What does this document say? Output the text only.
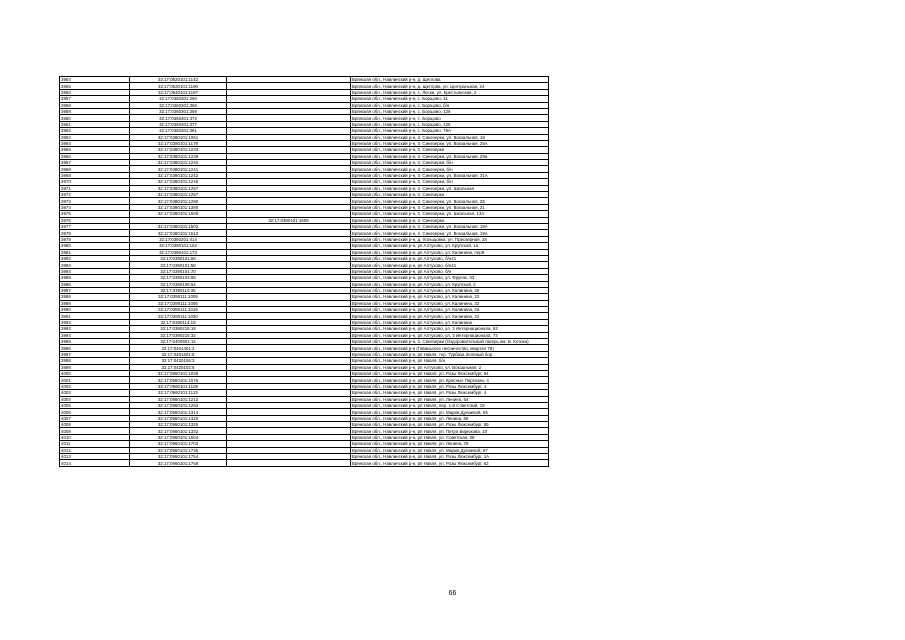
3954	32:17:0520101:1143		Брянская обл., Навлинский р-н, д. Щеглова
3955	32:17:0520101:1190		Брянская обл., Навлинский р-н, д. Щеглова, ул. Центральная, 24
3956	32:17:0540101:1167		Брянская обл., Навлинский р-н, с. Лески, ул. Крестьянская, 2
3957	32:17:0360301:260		Брянская обл., Навлинский р-н, с. Борщово, 11
3958	32:17:0360301:366		Брянская обл., Навлинский р-н, с. Борщово, б/н
3959	32:17:0360301:359		Брянская обл., Навлинский р-н, с. Борщово, 129
3960	32:17:0360301:372		Брянская обл., Навлинский р-н, с. Борщово
3961	32:17:0360301:377		Брянская обл., Навлинский р-н, с. Борщово, 125
3962	32:17:0360301:381		Брянская обл., Навлинский р-н, с. Борщово, 75А
3963	32:17:0380101:1061		Брянская обл., Навлинский р-н, п. Синезерки, ул. Вокзальная, 19
3964	32:17:0380101:1179		Брянская обл., Навлинский р-н, п. Синезерки, ул. Вокзальная, 25А
3965	32:17:0380101:1233		Брянская обл., Навлинский р-н, п. Синезерки
3966	32:17:0380101:1239		Брянская обл., Навлинский р-н, п. Синезерки, ул. Вокзальная, 29а
3967	32:17:0380101:1240		Брянская обл., Навлинский р-н, п. Синезерки, б/н
3968	32:17:0380101:1241		Брянская обл., Навлинский р-н, п. Синезерки, б/н
3969	32:17:0380101:1242		Брянская обл., Навлинский р-н, п. Синезерки, ул. Вокзальная, 31А
3970	32:17:0380101:1245		Брянская обл., Навлинский р-н, п. Синезерки, б/н
3971	32:17:0380101:1257		Брянская обл., Навлинский р-н, п. Синезерки, ул. Школьная
3972	32:17:0380101:1287		Брянская обл., Навлинский р-н, п. Синезерки
3973	32:17:0380101:1290		Брянская обл., Навлинский р-н, п. Синезерки, ул. Вокзальная, 25
3974	32:17:0380101:1390		Брянская обл., Навлинский р-н, п. Синезерки, ул. Вокзальная, 21
3975	32:17:0380101:1505		Брянская обл., Навлинский р-н, п. Синезерки, ул. Школьная, 13А
3976		32:17:0380101:1508	Брянская обл., Навлинский р-н, п. Синезерки
3977	32:17:0380101:1502		Брянская обл., Навлинский р-н, п. Синезерки, ул. Вокзальная, 19А
3978	32:17:0380101:1512		Брянская обл., Навлинский р-н, п. Синезерки, ул. Вокзальная, 19А
3979	32:17:0380201:414		Брянская обл., Навлинский р-н, д. Хольщовка, ул. Приозерная, 2а
3980	32:17:0390101:162		Брянская обл., Навлинский р-н, рп Алтухово, ул. Крупской, 1а
3981	32:17:0390101:173		Брянская обл., Навлинский р-н, рп Алтухово, ул. Калинина, пер8
3982	32:17:0390101:56		Брянская обл., Навлинский р-н, рп Алтухово, б/н41
3983	32:17:0390101:58		Брянская обл., Навлинский р-н, рп Алтухово, б/н41
3984	32:17:0390101:70		Брянская обл., Навлинский р-н, рп Алтухово, б/н
3985	32:17:0390103:65		Брянская обл., Навлинский р-н, рп Алтухово, ул. Фрунзе, 33
3986	32:17:0390108:54		Брянская обл., Навлинский р-н, рп Алтухово, ул. Крупской, 2
3987	32:17:0390110:35		Брянская обл., Навлинский р-н, рп Алтухово, ул. Калинина, 30
3988	32:17:0390111:1005		Брянская обл., Навлинский р-н, рп Алтухово, ул. Калинина, 22
3989	32:17:0390111:1006		Брянская обл., Навлинский р-н, рп Алтухово, ул. Калинина, 32
3990	32:17:0390111:1016		Брянская обл., Навлинский р-н, рп Алтухово, ул. Калинина, 2а
3991	32:17:0390111:1030		Брянская обл., Навлинский р-н, рп Алтухово, ул. Калинина, 22
3992	32:17:0390114:18		Брянская обл., Навлинский р-н, рп Алтухово, ул. Калинина
3993	32:17:0390215:18		Брянская обл., Навлинский р-н, рп Алтухово, ул. 3 Интернационала, 92
3994	32:17:0390215:32		Брянская обл., Навлинский р-н, рп Алтухово, ул. 3 Интернационала, 74
3995	32:17:0400901:14		Брянская обл., Навлинский р-н, п. Синезерки (Оздоровительный лагерь им. В. Котика)
3996	32:17:0401401:2		Брянская обл., Навлинский р-н (Гаваньское лесничество, квартал 78)
3997	32:17:0401601:5		Брянская обл., Навлинский р-н, рп Навля, тер. Турбаза Зеленый бор
3998	32:17:0420106:3		Брянская обл., Навлинский р-н, рп Навля, б/н
3999	32:17:0420102:6		Брянская обл., Навлинский р-н, рп Алтухово, ул. Вокзальная, 2
4000	32:17:0960101:1036		Брянская обл., Навлинский р-н, рп Навля, ул. Розы Люксембург, 84
4001	32:17:0960101:1075		Брянская обл., Навлинский р-н, рп Навля, ул. Красных Партизан, 4
4002	32:17:0960101:1109		Брянская обл., Навлинский р-н, рп Навля, ул. Розы Люксембург, 4
4003	32:17:0960101:1122		Брянская обл., Навлинский р-н, рп Навля, ул. Розы Люксембург, 4
4004	32:17:0960101:1212		Брянская обл., Навлинский р-н, рп Навля, ул. Ленина, 54
4005	32:17:0960101:1293		Брянская обл., Навлинский р-н, рп Навля, пер. 1-й Советский, 19
4006	32:17:0960101:1314		Брянская обл., Навлинский р-н, рп Навля, ул. Марии Дунаевой, 65
4007	32:17:0960101:1320		Брянская обл., Навлинский р-н, рп Навля, ул. Ленина, 69
4008	32:17:0960101:1325		Брянская обл., Навлинский р-н, рп Навля, ул. Розы Люксембург, 89
4009	32:17:0960101:1332		Брянская обл., Навлинский р-н, рп Навля, ул. Петра Бирюкова, 10
4010	32:17:0960101:1504		Брянская обл., Навлинский р-н, рп Навля, ул. Советская, 38
4011	32:17:0960101:1703		Брянская обл., Навлинский р-н, рп Навля, ул. Ленина, 78
4012	32:17:0960101:1736		Брянская обл., Навлинский р-н, рп Навля, ул. Марии Дунаевой, 67
4013	32:17:0960101:1754		Брянская обл., Навлинский р-н, рп Навля, ул. Розы Люксембург, 1А
4014	32:17:0960101:1768		Брянская обл., Навлинский р-н, рп Навля, ул. Розы Люксембург, 62
66
